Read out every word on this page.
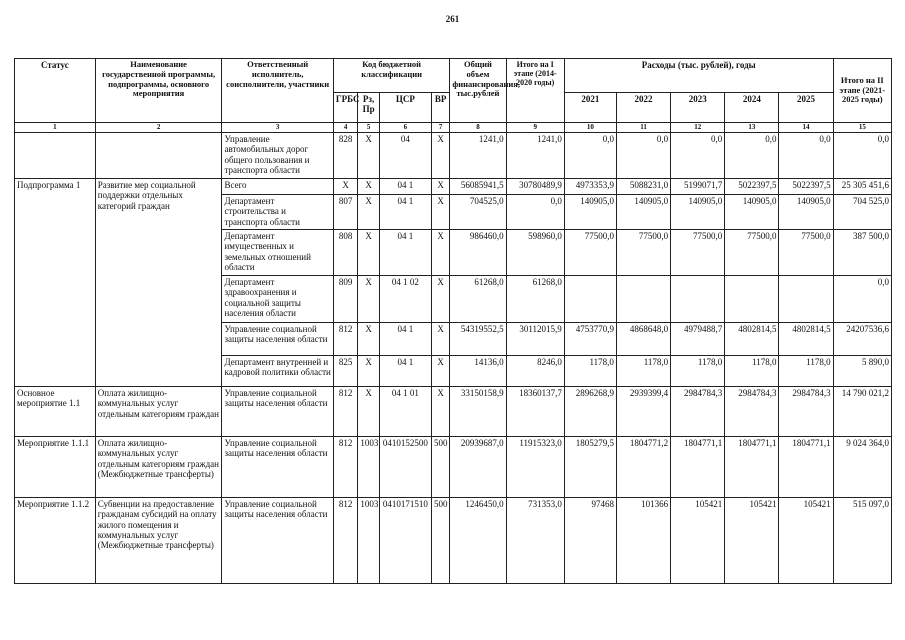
261
Статус	Наименование государственной программы, подпрограммы, основного мероприятия	Ответственный исполнитель, соисполнители, участники	Код бюджетной классификации				Общий объем финансирования, тыс.рублей	Итого на I этапе (2014-2020 годы)	Расходы (тыс. рублей), годы					Итого на II этапе (2021-2025 годы)
			ГРБС	Рз, Пр	ЦСР	ВР			2021	2022	2023	2024	2025	
1	2	3	4	5	6	7	8	9	10	11	12	13	14	15
		Управление автомобильных дорог общего пользования и транспорта области	828	Х	04	Х	1241,0	1241,0	0,0	0,0	0,0	0,0	0,0	0,0
Подпрограмма 1	Развитие мер социальной поддержки отдельных категорий граждан	Всего	Х	Х	04 1	Х	56085941,5	30780489,9	4973353,9	5088231,0	5199071,7	5022397,5	5022397,5	25 305 451,6
		Департамент строительства и транспорта области	807	Х	04 1	Х	704525,0	0,0	140905,0	140905,0	140905,0	140905,0	140905,0	704 525,0
		Департамент имущественных и земельных отношений области	808	Х	04 1	Х	986460,0	598960,0	77500,0	77500,0	77500,0	77500,0	77500,0	387 500,0
		Департамент здравоохранения и социальной защиты населения области	809	Х	04 1 02	Х	61268,0	61268,0						0,0
		Управление социальной защиты населения области	812	Х	04 1	Х	54319552,5	30112015,9	4753770,9	4868648,0	4979488,7	4802814,5	4802814,5	24207536,6
		Департамент внутренней и кадровой политики области	825	Х	04 1	Х	14136,0	8246,0	1178,0	1178,0	1178,0	1178,0	1178,0	5 890,0
Основное мероприятие 1.1	Оплата жилищно-коммунальных услуг отдельным категориям граждан	Управление социальной защиты населения области	812	Х	04 1 01	Х	33150158,9	18360137,7	2896268,9	2939399,4	2984784,3	2984784,3	2984784,3	14 790 021,2
Мероприятие 1.1.1	Оплата жилищно-коммунальных услуг отдельным категориям граждан (Межбюджетные трансферты)	Управление социальной защиты населения области	812	1003	0410152500	500	20939687,0	11915323,0	1805279,5	1804771,2	1804771,1	1804771,1	1804771,1	9 024 364,0
Мероприятие 1.1.2	Субвенции на предоставление гражданам субсидий на оплату жилого помещения и коммунальных услуг (Межбюджетные трансферты)	Управление социальной защиты населения области	812	1003	0410171510	500	1246450,0	731353,0	97468	101366	105421	105421	105421	515 097,0
